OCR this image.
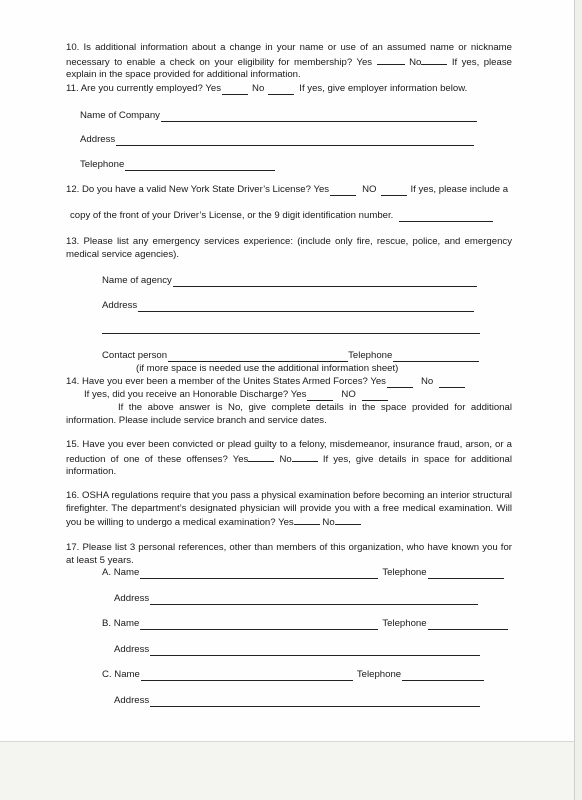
10. Is additional information about a change in your name or use of an assumed name or nickname necessary to enable a check on your eligibility for membership? Yes	No	If yes, please explain in the space provided for additional information.
11. Are you currently employed? Yes	No	If yes, give employer information below.
Name of Company
Address
Telephone
12. Do you have a valid New York State Driver’s License? Yes	NO	If yes, please include a
copy of the front of your Driver’s License, or the 9 digit identification number.
13. Please list any emergency services experience: (include only fire, rescue, police, and emergency medical service agencies).
Name of agency
Address
Contact person	Telephone
(if more space is needed use the additional information sheet)
14. Have you ever been a member of the Unites States Armed Forces? Yes	No
If yes, did you receive an Honorable Discharge? Yes	NO
If the above answer is No, give complete details in the space provided for additional information. Please include service branch and service dates.
15. Have you ever been convicted or plead guilty to a felony, misdemeanor, insurance fraud, arson, or a reduction of one of these offenses? Yes	No	If yes, give details in space for additional information.
16. OSHA regulations require that you pass a physical examination before becoming an interior structural firefighter. The department’s designated physician will provide you with a free medical examination. Will you be willing to undergo a medical examination? Yes	No
17. Please list 3 personal references, other than members of this organization, who have known you for at least 5 years.
A. Name	Telephone
Address
B. Name	Telephone
Address
C. Name	Telephone
Address
